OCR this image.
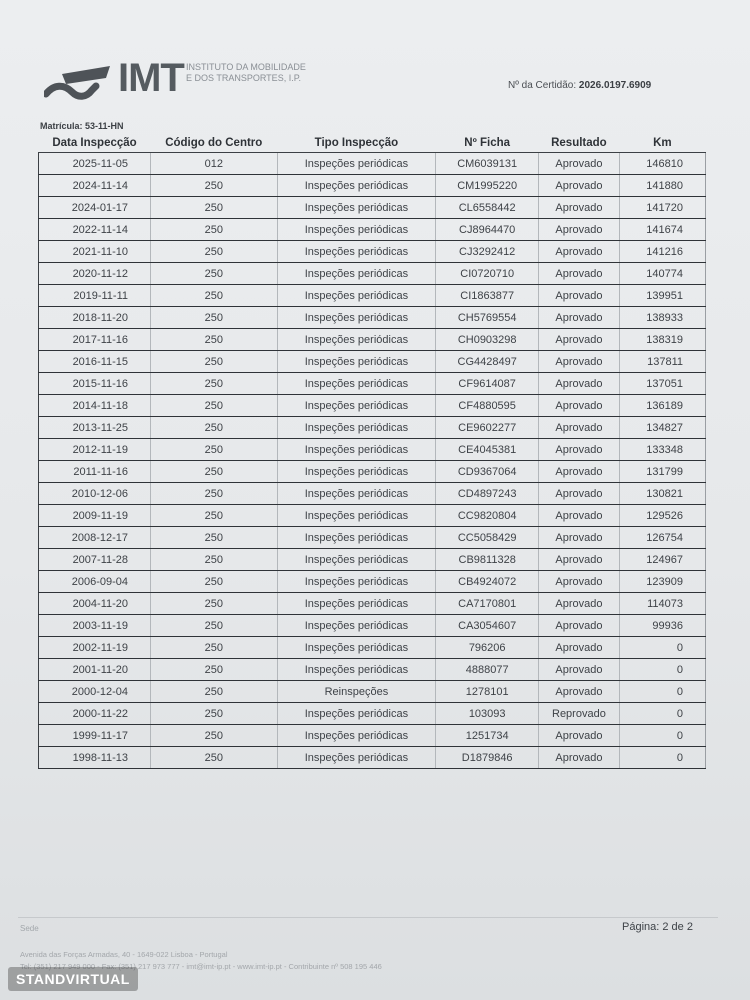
IMT INSTITUTO DA MOBILIDADE E DOS TRANSPORTES, I.P.
Nº da Certidão: 2026.0197.6909
Matrícula: 53-11-HN
Data Inspecção	Código do Centro	Tipo Inspecção	Nº Ficha	Resultado	Km
2025-11-05	012	Inspeções periódicas	CM6039131	Aprovado	146810
2024-11-14	250	Inspeções periódicas	CM1995220	Aprovado	141880
2024-01-17	250	Inspeções periódicas	CL6558442	Aprovado	141720
2022-11-14	250	Inspeções periódicas	CJ8964470	Aprovado	141674
2021-11-10	250	Inspeções periódicas	CJ3292412	Aprovado	141216
2020-11-12	250	Inspeções periódicas	CI0720710	Aprovado	140774
2019-11-11	250	Inspeções periódicas	CI1863877	Aprovado	139951
2018-11-20	250	Inspeções periódicas	CH5769554	Aprovado	138933
2017-11-16	250	Inspeções periódicas	CH0903298	Aprovado	138319
2016-11-15	250	Inspeções periódicas	CG4428497	Aprovado	137811
2015-11-16	250	Inspeções periódicas	CF9614087	Aprovado	137051
2014-11-18	250	Inspeções periódicas	CF4880595	Aprovado	136189
2013-11-25	250	Inspeções periódicas	CE9602277	Aprovado	134827
2012-11-19	250	Inspeções periódicas	CE4045381	Aprovado	133348
2011-11-16	250	Inspeções periódicas	CD9367064	Aprovado	131799
2010-12-06	250	Inspeções periódicas	CD4897243	Aprovado	130821
2009-11-19	250	Inspeções periódicas	CC9820804	Aprovado	129526
2008-12-17	250	Inspeções periódicas	CC5058429	Aprovado	126754
2007-11-28	250	Inspeções periódicas	CB9811328	Aprovado	124967
2006-09-04	250	Inspeções periódicas	CB4924072	Aprovado	123909
2004-11-20	250	Inspeções periódicas	CA7170801	Aprovado	114073
2003-11-19	250	Inspeções periódicas	CA3054607	Aprovado	99936
2002-11-19	250	Inspeções periódicas	796206	Aprovado	0
2001-11-20	250	Inspeções periódicas	4888077	Aprovado	0
2000-12-04	250	Reinspeções	1278101	Aprovado	0
2000-11-22	250	Inspeções periódicas	103093	Reprovado	0
1999-11-17	250	Inspeções periódicas	1251734	Aprovado	0
1998-11-13	250	Inspeções periódicas	D1879846	Aprovado	0
Sede
Avenida das Forças Armadas, 40 - 1649-022 Lisboa - Portugal
Tel: (351) 217 949 000 - Fax: (351) 217 973 777 - imt@imt-ip.pt - www.imt-ip.pt - Contribuinte nº 508 195 446
Página: 2 de 2
STANDVIRTUAL
